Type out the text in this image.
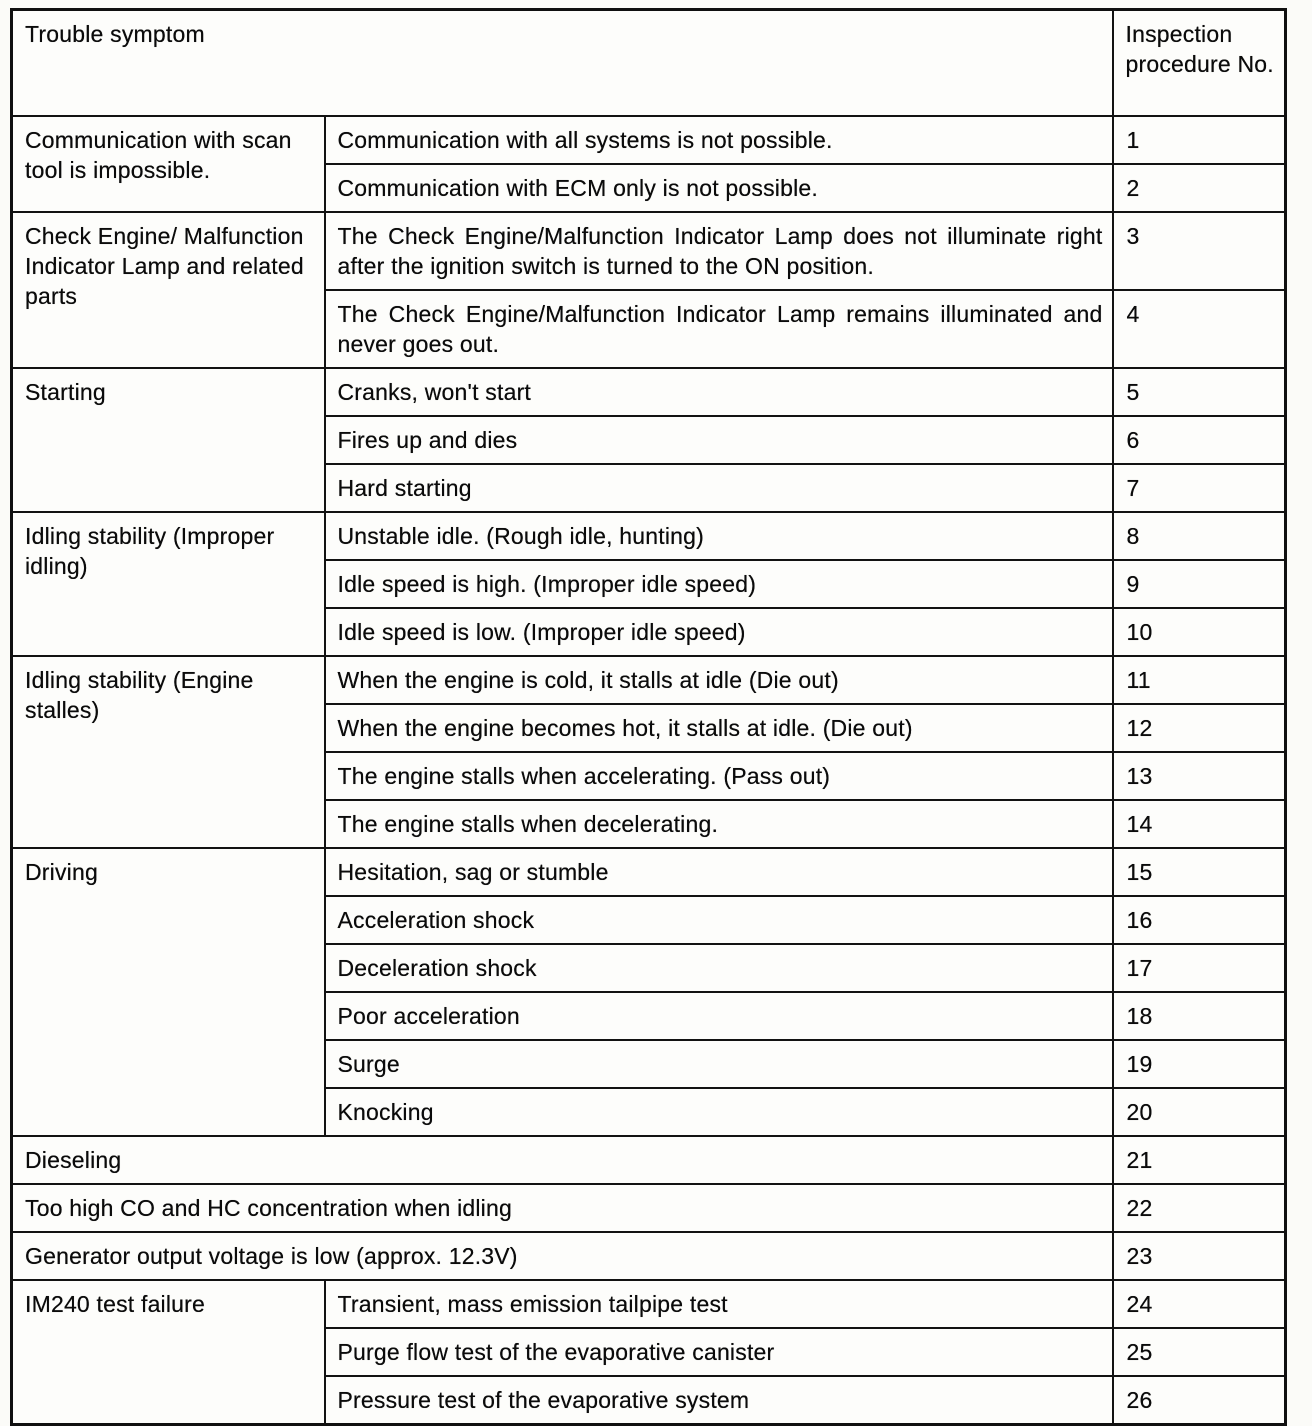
Trouble symptom		Inspection procedure No.
Communication with scan tool is impossible.	Communication with all systems is not possible.	1
	Communication with ECM only is not possible.	2
Check Engine/ Malfunction Indicator Lamp and related parts	The Check Engine/Malfunction Indicator Lamp does not illuminate right after the ignition switch is turned to the ON position.	3
	The Check Engine/Malfunction Indicator Lamp remains illuminated and never goes out.	4
Starting	Cranks, won't start	5
	Fires up and dies	6
	Hard starting	7
Idling stability (Improper idling)	Unstable idle. (Rough idle, hunting)	8
	Idle speed is high. (Improper idle speed)	9
	Idle speed is low. (Improper idle speed)	10
Idling stability (Engine stalles)	When the engine is cold, it stalls at idle (Die out)	11
	When the engine becomes hot, it stalls at idle. (Die out)	12
	The engine stalls when accelerating. (Pass out)	13
	The engine stalls when decelerating.	14
Driving	Hesitation, sag or stumble	15
	Acceleration shock	16
	Deceleration shock	17
	Poor acceleration	18
	Surge	19
	Knocking	20
Dieseling		21
Too high CO and HC concentration when idling		22
Generator output voltage is low (approx. 12.3V)		23
IM240 test failure	Transient, mass emission tailpipe test	24
	Purge flow test of the evaporative canister	25
	Pressure test of the evaporative system	26
